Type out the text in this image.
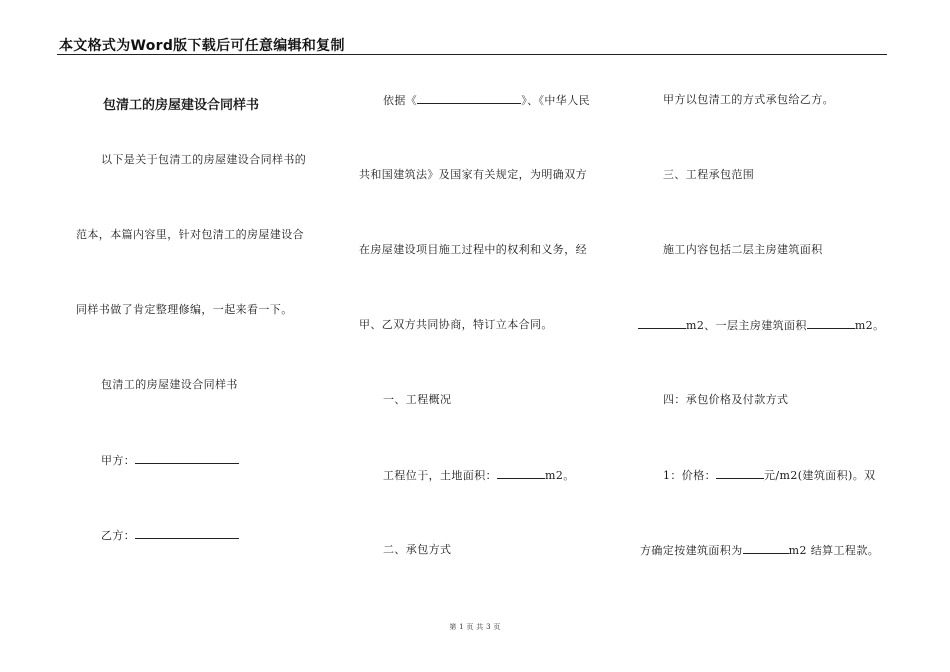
本文格式为Word版下载后可任意编辑和复制
包清工的房屋建设合同样书
以下是关于包清工的房屋建设合同样书的
范本，本篇内容里，针对包清工的房屋建设合
同样书做了肯定整理修编，一起来看一下。
包清工的房屋建设合同样书
甲方：
乙方：
依据《	》、《中华人民
共和国建筑法》及国家有关规定，为明确双方
在房屋建设项目施工过程中的权利和义务，经
甲、乙双方共同协商，特订立本合同。
一、工程概况
工程位于，土地面积：	m2。
二、承包方式
甲方以包清工的方式承包给乙方。
三、工程承包范围
施工内容包括二层主房建筑面积
m2、一层主房建筑面积	m2。
四：承包价格及付款方式
1：价格：	元/m2(建筑面积)。双
方确定按建筑面积为	m2 结算工程款。
第 1 页 共 3 页
